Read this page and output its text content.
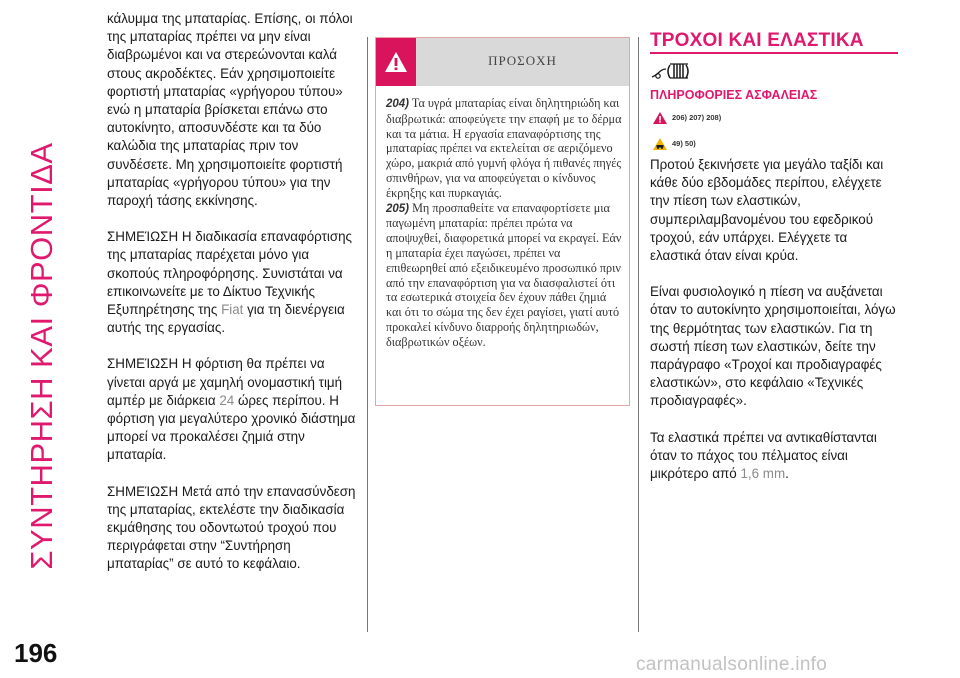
ΣΥΝΤΗΡΗΣΗ ΚΑΙ ΦΡΟΝΤΙΔΑ
196

κάλυμμα της μπαταρίας. Επίσης, οι πόλοι της μπαταρίας πρέπει να μην είναι διαβρωμένοι και να στερεώνονται καλά στους ακροδέκτες. Εάν χρησιμοποιείτε φορτιστή μπαταρίας «γρήγορου τύπου» ενώ η μπαταρία βρίσκεται επάνω στο αυτοκίνητο, αποσυνδέστε και τα δύο καλώδια της μπαταρίας πριν τον συνδέσετε. Μη χρησιμοποιείτε φορτιστή μπαταρίας «γρήγορου τύπου» για την παροχή τάσης εκκίνησης.

ΣΗΜΕΊΩΣΗ Η διαδικασία επαναφόρτισης της μπαταρίας παρέχεται μόνο για σκοπούς πληροφόρησης. Συνιστάται να επικοινωνείτε με το Δίκτυο Τεχνικής Εξυπηρέτησης της Fiat για τη διενέργεια αυτής της εργασίας.

ΣΗΜΕΊΩΣΗ Η φόρτιση θα πρέπει να γίνεται αργά με χαμηλή ονομαστική τιμή αμπέρ με διάρκεια 24 ώρες περίπου. Η φόρτιση για μεγαλύτερο χρονικό διάστημα μπορεί να προκαλέσει ζημιά στην μπαταρία.

ΣΗΜΕΊΩΣΗ Μετά από την επανασύνδεση της μπαταρίας, εκτελέστε την διαδικασία εκμάθησης του οδοντωτού τροχού που περιγράφεται στην “Συντήρηση μπαταρίας” σε αυτό το κεφάλαιο.

ΠΡΟΣΟΧΗ

204) Τα υγρά μπαταρίας είναι δηλητηριώδη και διαβρωτικά: αποφεύγετε την επαφή με το δέρμα και τα μάτια. Η εργασία επαναφόρτισης της μπαταρίας πρέπει να εκτελείται σε αεριζόμενο χώρο, μακριά από γυμνή φλόγα ή πιθανές πηγές σπινθήρων, για να αποφεύγεται ο κίνδυνος έκρηξης και πυρκαγιάς.

205) Μη προσπαθείτε να επαναφορτίσετε μια παγωμένη μπαταρία: πρέπει πρώτα να αποψυχθεί, διαφορετικά μπορεί να εκραγεί. Εάν η μπαταρία έχει παγώσει, πρέπει να επιθεωρηθεί από εξειδικευμένο προσωπικό πριν από την επαναφόρτιση για να διασφαλιστεί ότι τα εσωτερικά στοιχεία δεν έχουν πάθει ζημιά και ότι το σώμα της δεν έχει ραγίσει, γιατί αυτό προκαλεί κίνδυνο διαρροής δηλητηριωδών, διαβρωτικών οξέων.

ΤΡΟΧΟΙ ΚΑΙ ΕΛΑΣΤΙΚΑ
ΠΛΗΡΟΦΟΡΙΕΣ ΑΣΦΑΛΕΙΑΣ
206) 207) 208)
49) 50)

Προτού ξεκινήσετε για μεγάλο ταξίδι και κάθε δύο εβδομάδες περίπου, ελέγχετε την πίεση των ελαστικών, συμπεριλαμβανομένου του εφεδρικού τροχού, εάν υπάρχει. Ελέγχετε τα ελαστικά όταν είναι κρύα.

Είναι φυσιολογικό η πίεση να αυξάνεται όταν το αυτοκίνητο χρησιμοποιείται, λόγω της θερμότητας των ελαστικών. Για τη σωστή πίεση των ελαστικών, δείτε την παράγραφο «Τροχοί και προδιαγραφές ελαστικών», στο κεφάλαιο «Τεχνικές προδιαγραφές».

Τα ελαστικά πρέπει να αντικαθίστανται όταν το πάχος του πέλματος είναι μικρότερο από 1,6 mm.

carmanualsonline.info
